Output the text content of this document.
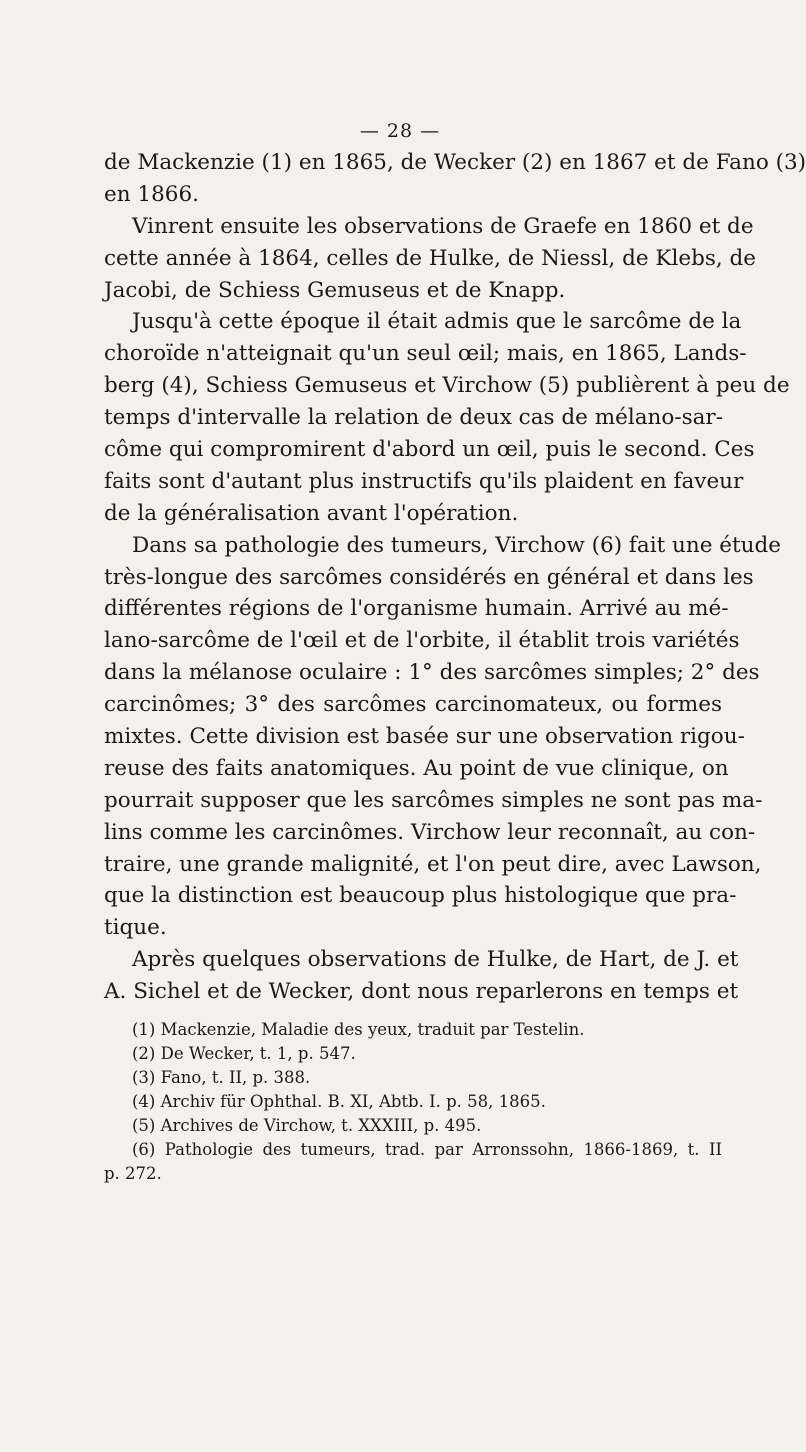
— 28 —
de Mackenzie (1) en 1865, de Wecker (2) en 1867 et de Fano (3)
en 1866.
Vinrent ensuite les observations de Graefe en 1860 et de
cette année à 1864, celles de Hulke, de Niessl, de Klebs, de
Jacobi, de Schiess Gemuseus et de Knapp.
Jusqu'à cette époque il était admis que le sarcôme de la
choroïde n'atteignait qu'un seul œil; mais, en 1865, Lands-
berg (4), Schiess Gemuseus et Virchow (5) publièrent à peu de
temps d'intervalle la relation de deux cas de mélano-sar-
côme qui compromirent d'abord un œil, puis le second. Ces
faits sont d'autant plus instructifs qu'ils plaident en faveur
de la généralisation avant l'opération.
Dans sa pathologie des tumeurs, Virchow (6) fait une étude
très-longue des sarcômes considérés en général et dans les
différentes régions de l'organisme humain. Arrivé au mé-
lano-sarcôme de l'œil et de l'orbite, il établit trois variétés
dans la mélanose oculaire : 1° des sarcômes simples; 2° des
carcinômes; 3° des sarcômes carcinomateux, ou formes
mixtes. Cette division est basée sur une observation rigou-
reuse des faits anatomiques. Au point de vue clinique, on
pourrait supposer que les sarcômes simples ne sont pas ma-
lins comme les carcinômes. Virchow leur reconnaît, au con-
traire, une grande malignité, et l'on peut dire, avec Lawson,
que la distinction est beaucoup plus histologique que pra-
tique.
Après quelques observations de Hulke, de Hart, de J. et
A. Sichel et de Wecker, dont nous reparlerons en temps et
(1) Mackenzie, Maladie des yeux, traduit par Testelin.
(2) De Wecker, t. 1, p. 547.
(3) Fano, t. II, p. 388.
(4) Archiv für Ophthal. B. XI, Abtb. I. p. 58, 1865.
(5) Archives de Virchow, t. XXXIII, p. 495.
(6) Pathologie des tumeurs, trad. par Arronssohn, 1866-1869, t. II
p. 272.
